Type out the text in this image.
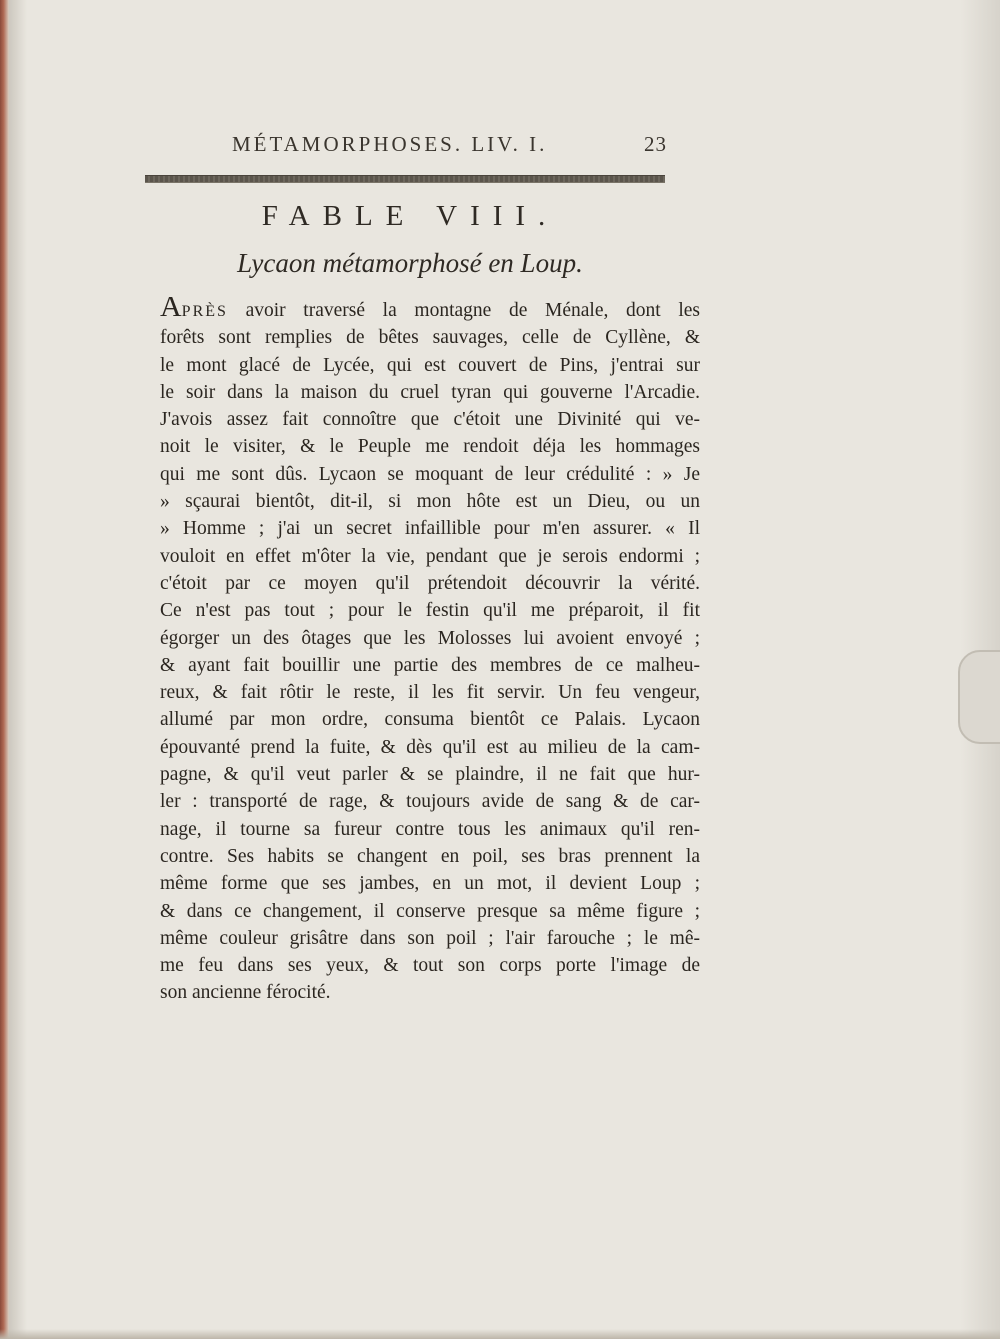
MÉTAMORPHOSES. LIV. I.	23
FABLE VIII.
Lycaon métamorphosé en Loup.
APRÈS avoir traversé la montagne de Ménale, dont les
forêts sont remplies de bêtes sauvages, celle de Cyllène, &
le mont glacé de Lycée, qui est couvert de Pins, j'entrai sur
le soir dans la maison du cruel tyran qui gouverne l'Arcadie.
J'avois assez fait connoître que c'étoit une Divinité qui ve-
noit le visiter, & le Peuple me rendoit déja les hommages
qui me sont dûs. Lycaon se moquant de leur crédulité : » Je
» sçaurai bientôt, dit-il, si mon hôte est un Dieu, ou un
» Homme ; j'ai un secret infaillible pour m'en assurer. « Il
vouloit en effet m'ôter la vie, pendant que je serois endormi ;
c'étoit par ce moyen qu'il prétendoit découvrir la vérité.
Ce n'est pas tout ; pour le festin qu'il me préparoit, il fit
égorger un des ôtages que les Molosses lui avoient envoyé ;
& ayant fait bouillir une partie des membres de ce malheu-
reux, & fait rôtir le reste, il les fit servir. Un feu vengeur,
allumé par mon ordre, consuma bientôt ce Palais. Lycaon
épouvanté prend la fuite, & dès qu'il est au milieu de la cam-
pagne, & qu'il veut parler & se plaindre, il ne fait que hur-
ler : transporté de rage, & toujours avide de sang & de car-
nage, il tourne sa fureur contre tous les animaux qu'il ren-
contre. Ses habits se changent en poil, ses bras prennent la
même forme que ses jambes, en un mot, il devient Loup ;
& dans ce changement, il conserve presque sa même figure ;
même couleur grisâtre dans son poil ; l'air farouche ; le mê-
me feu dans ses yeux, & tout son corps porte l'image de
son ancienne férocité.
